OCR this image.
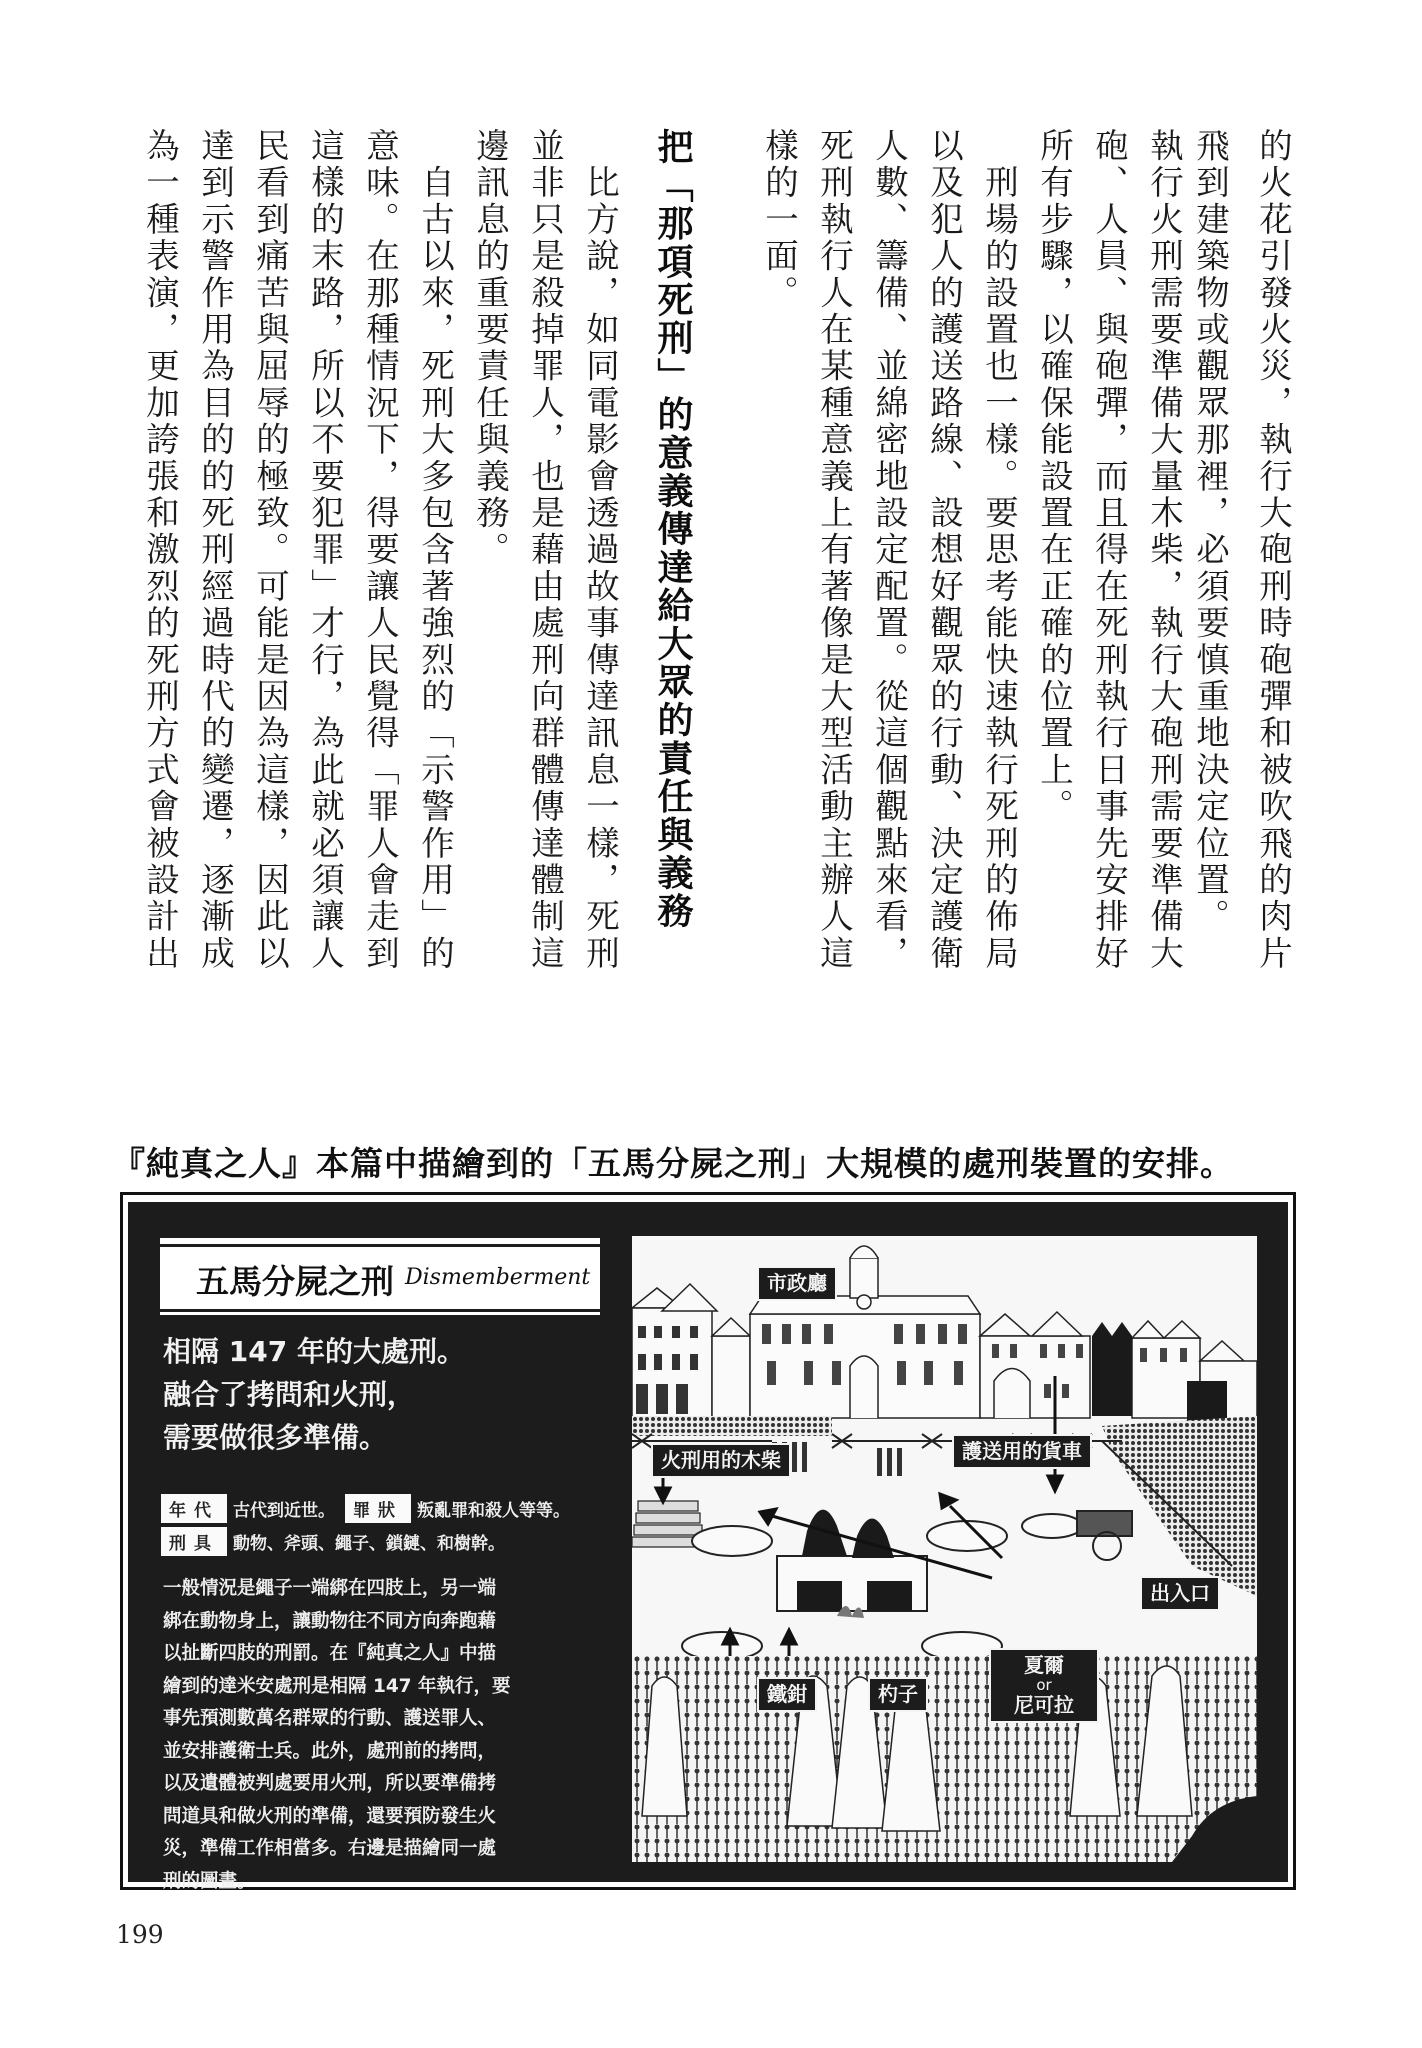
的火花引發火災，執行大砲刑時砲彈和被吹飛的肉片
飛到建築物或觀眾那裡，必須要慎重地決定位置。
執行火刑需要準備大量木柴，執行大砲刑需要準備大
砲、人員、與砲彈，而且得在死刑執行日事先安排好
所有步驟，以確保能設置在正確的位置上。
　刑場的設置也一樣。要思考能快速執行死刑的佈局
以及犯人的護送路線、設想好觀眾的行動、決定護衛
人數、籌備、並綿密地設定配置。從這個觀點來看，
死刑執行人在某種意義上有著像是大型活動主辦人這
樣的一面。
把「那項死刑」的意義傳達給大眾的責任與義務
　比方說，如同電影會透過故事傳達訊息一樣，死刑
並非只是殺掉罪人，也是藉由處刑向群體傳達體制這
邊訊息的重要責任與義務。
　自古以來，死刑大多包含著強烈的「示警作用」的
意味。在那種情況下，得要讓人民覺得「罪人會走到
這樣的末路，所以不要犯罪」才行，為此就必須讓人
民看到痛苦與屈辱的極致。可能是因為這樣，因此以
達到示警作用為目的的死刑經過時代的變遷，逐漸成
為一種表演，更加誇張和激烈的死刑方式會被設計出
『純真之人』本篇中描繪到的「五馬分屍之刑」大規模的處刑裝置的安排。
五馬分屍之刑 Dismemberment
相隔 147 年的大處刑。
融合了拷問和火刑，
需要做很多準備。
年代 古代到近世。	罪狀 叛亂罪和殺人等等。
刑具 動物、斧頭、繩子、鎖鏈、和樹幹。
一般情況是繩子一端綁在四肢上，另一端
綁在動物身上，讓動物往不同方向奔跑藉
以扯斷四肢的刑罰。在『純真之人』中描
繪到的達米安處刑是相隔 147 年執行，要
事先預測數萬名群眾的行動、護送罪人、
並安排護衛士兵。此外，處刑前的拷問，
以及遺體被判處要用火刑，所以要準備拷
問道具和做火刑的準備，還要預防發生火
災，準備工作相當多。右邊是描繪同一處
刑的圖畫。
市政廳
護送用的貨車
火刑用的木柴
出入口
鐵鉗	杓子
夏爾
or
尼可拉
199
